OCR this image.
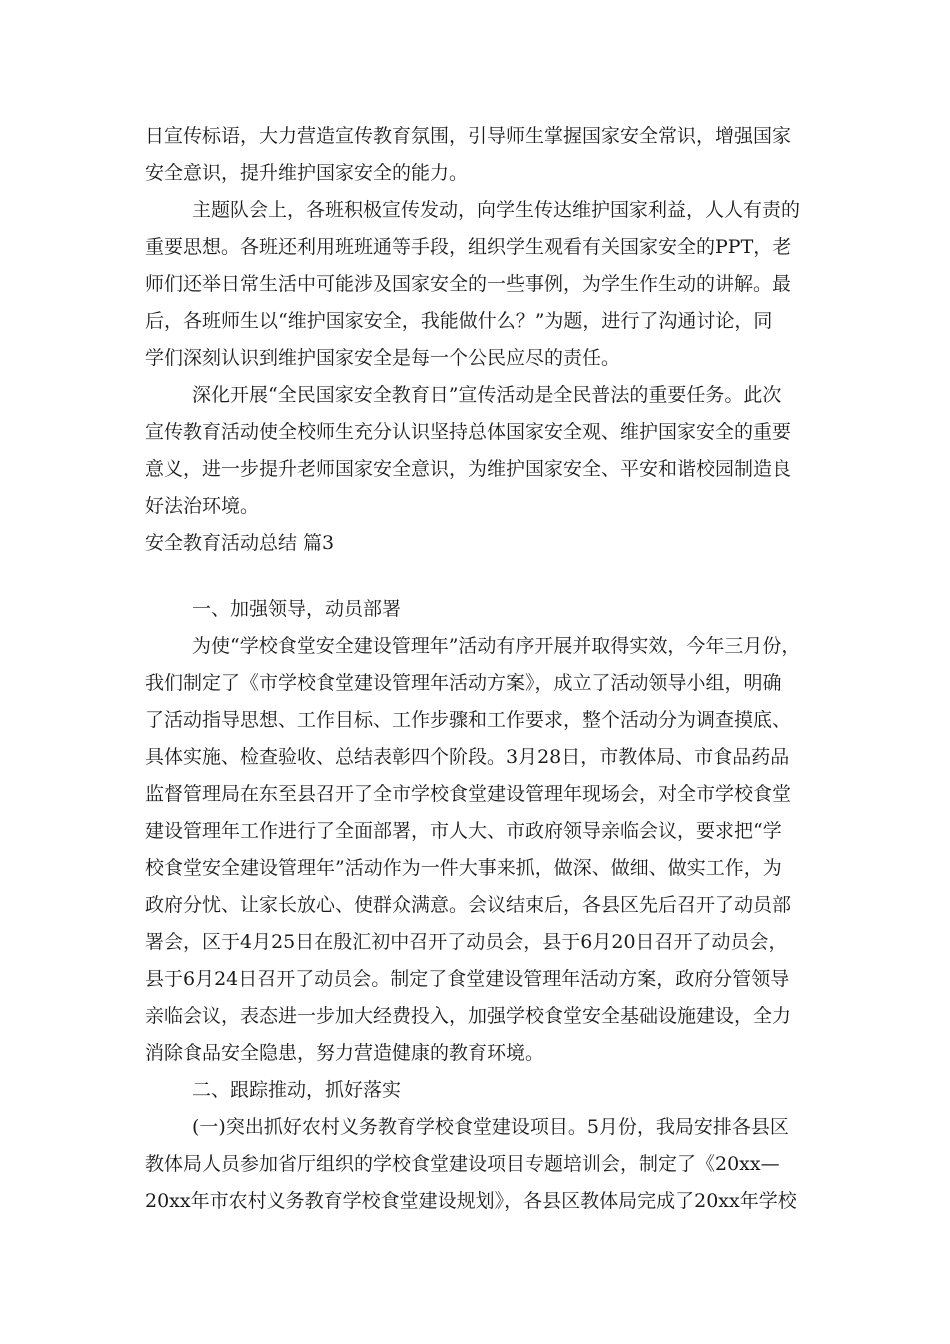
日宣传标语，大力营造宣传教育氛围，引导师生掌握国家安全常识，增强国家
安全意识，提升维护国家安全的能力。
主题队会上，各班积极宣传发动，向学生传达维护国家利益，人人有责的
重要思想。各班还利用班班通等手段，组织学生观看有关国家安全的PPT，老
师们还举日常生活中可能涉及国家安全的一些事例，为学生作生动的讲解。最
后，各班师生以“维护国家安全，我能做什么？”为题，进行了沟通讨论，同
学们深刻认识到维护国家安全是每一个公民应尽的责任。
深化开展“全民国家安全教育日”宣传活动是全民普法的重要任务。此次
宣传教育活动使全校师生充分认识坚持总体国家安全观、维护国家安全的重要
意义，进一步提升老师国家安全意识，为维护国家安全、平安和谐校园制造良
好法治环境。
安全教育活动总结 篇3
一、加强领导，动员部署
为使“学校食堂安全建设管理年”活动有序开展并取得实效，今年三月份，
我们制定了《市学校食堂建设管理年活动方案》，成立了活动领导小组，明确
了活动指导思想、工作目标、工作步骤和工作要求，整个活动分为调查摸底、
具体实施、检查验收、总结表彰四个阶段。3月28日，市教体局、市食品药品
监督管理局在东至县召开了全市学校食堂建设管理年现场会，对全市学校食堂
建设管理年工作进行了全面部署，市人大、市政府领导亲临会议，要求把“学
校食堂安全建设管理年”活动作为一件大事来抓，做深、做细、做实工作，为
政府分忧、让家长放心、使群众满意。会议结束后，各县区先后召开了动员部
署会，区于4月25日在殷汇初中召开了动员会，县于6月20日召开了动员会，
县于6月24日召开了动员会。制定了食堂建设管理年活动方案，政府分管领导
亲临会议，表态进一步加大经费投入，加强学校食堂安全基础设施建设，全力
消除食品安全隐患，努力营造健康的教育环境。
二、跟踪推动，抓好落实
(一)突出抓好农村义务教育学校食堂建设项目。5月份，我局安排各县区
教体局人员参加省厅组织的学校食堂建设项目专题培训会，制定了《20xx—
20xx年市农村义务教育学校食堂建设规划》，各县区教体局完成了20xx年学校
